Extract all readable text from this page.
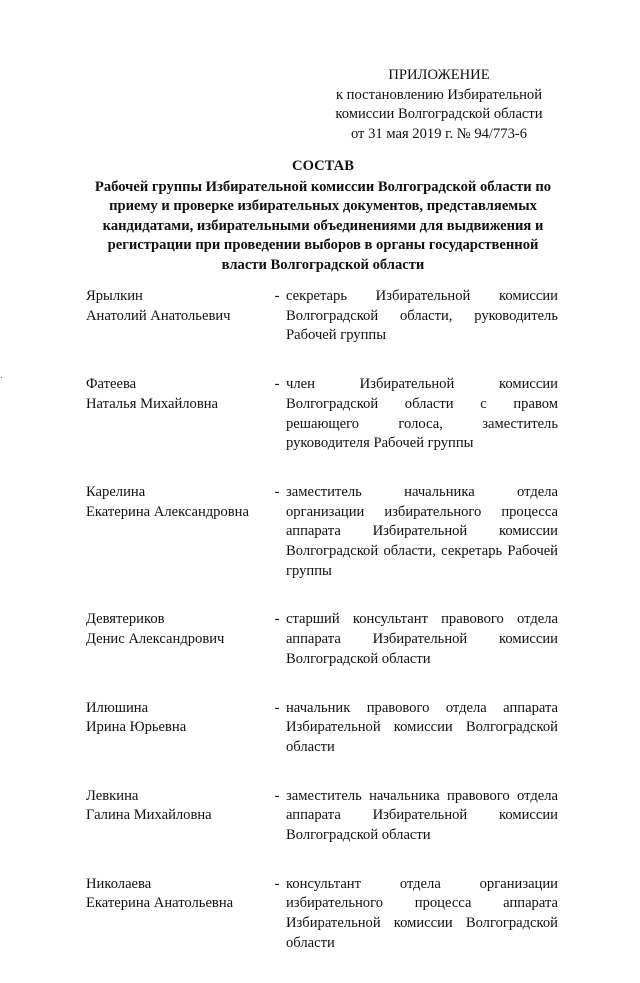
ПРИЛОЖЕНИЕ
к постановлению Избирательной
комиссии Волгоградской области
от 31 мая 2019 г. № 94/773-6
СОСТАВ
Рабочей группы Избирательной комиссии Волгоградской области по приему и проверке избирательных документов, представляемых кандидатами, избирательными объединениями для выдвижения и регистрации при проведении выборов в органы государственной власти Волгоградской области
Ярылкин
Анатолий Анатольевич
- секретарь Избирательной комиссии Волгоградской области, руководитель Рабочей группы
Фатеева
Наталья Михайловна
- член Избирательной комиссии Волгоградской области с правом решающего голоса, заместитель руководителя Рабочей группы
Карелина
Екатерина Александровна
- заместитель начальника отдела организации избирательного процесса аппарата Избирательной комиссии Волгоградской области, секретарь Рабочей группы
Девятериков
Денис Александрович
- старший консультант правового отдела аппарата Избирательной комиссии Волгоградской области
Илюшина
Ирина Юрьевна
- начальник правового отдела аппарата Избирательной комиссии Волгоградской области
Левкина
Галина Михайловна
- заместитель начальника правового отдела аппарата Избирательной комиссии Волгоградской области
Николаева
Екатерина Анатольевна
- консультант отдела организации избирательного процесса аппарата Избирательной комиссии Волгоградской области
.
